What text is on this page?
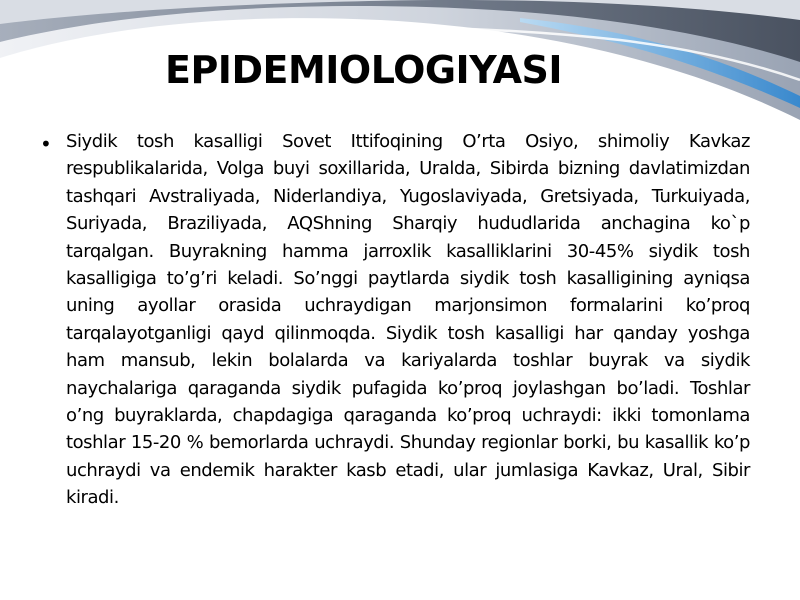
EPIDEMIOLOGIYASI
• Siydik tosh kasalligi Sovet Ittifoqining O’rta Osiyo, shimoliy Kavkaz respublikalarida, Volga buyi soxillarida, Uralda, Sibirda bizning davlatimizdan tashqari Avstraliyada, Niderlandiya, Yugoslaviyada, Gretsiyada, Turkuiyada, Suriyada, Braziliyada, AQShning Sharqiy hududlarida anchagina ko`p tarqalgan. Buyrakning hamma jarroxlik kasalliklarini 30-45% siydik tosh kasalligiga to’g’ri keladi. So’nggi paytlarda siydik tosh kasalligining ayniqsa uning ayollar orasida uchraydigan marjonsimon formalarini ko’proq tarqalayotganligi qayd qilinmoqda. Siydik tosh kasalligi har qanday yoshga ham mansub, lekin bolalarda va kariyalarda toshlar buyrak va siydik naychalariga qaraganda siydik pufagida ko’proq joylashgan bo’ladi. Toshlar o’ng buyraklarda, chapdagiga qaraganda ko’proq uchraydi: ikki tomonlama toshlar 15-20 % bemorlarda uchraydi. Shunday regionlar borki, bu kasallik ko’p uchraydi va endemik harakter kasb etadi, ular jumlasiga Kavkaz, Ural, Sibir kiradi.
